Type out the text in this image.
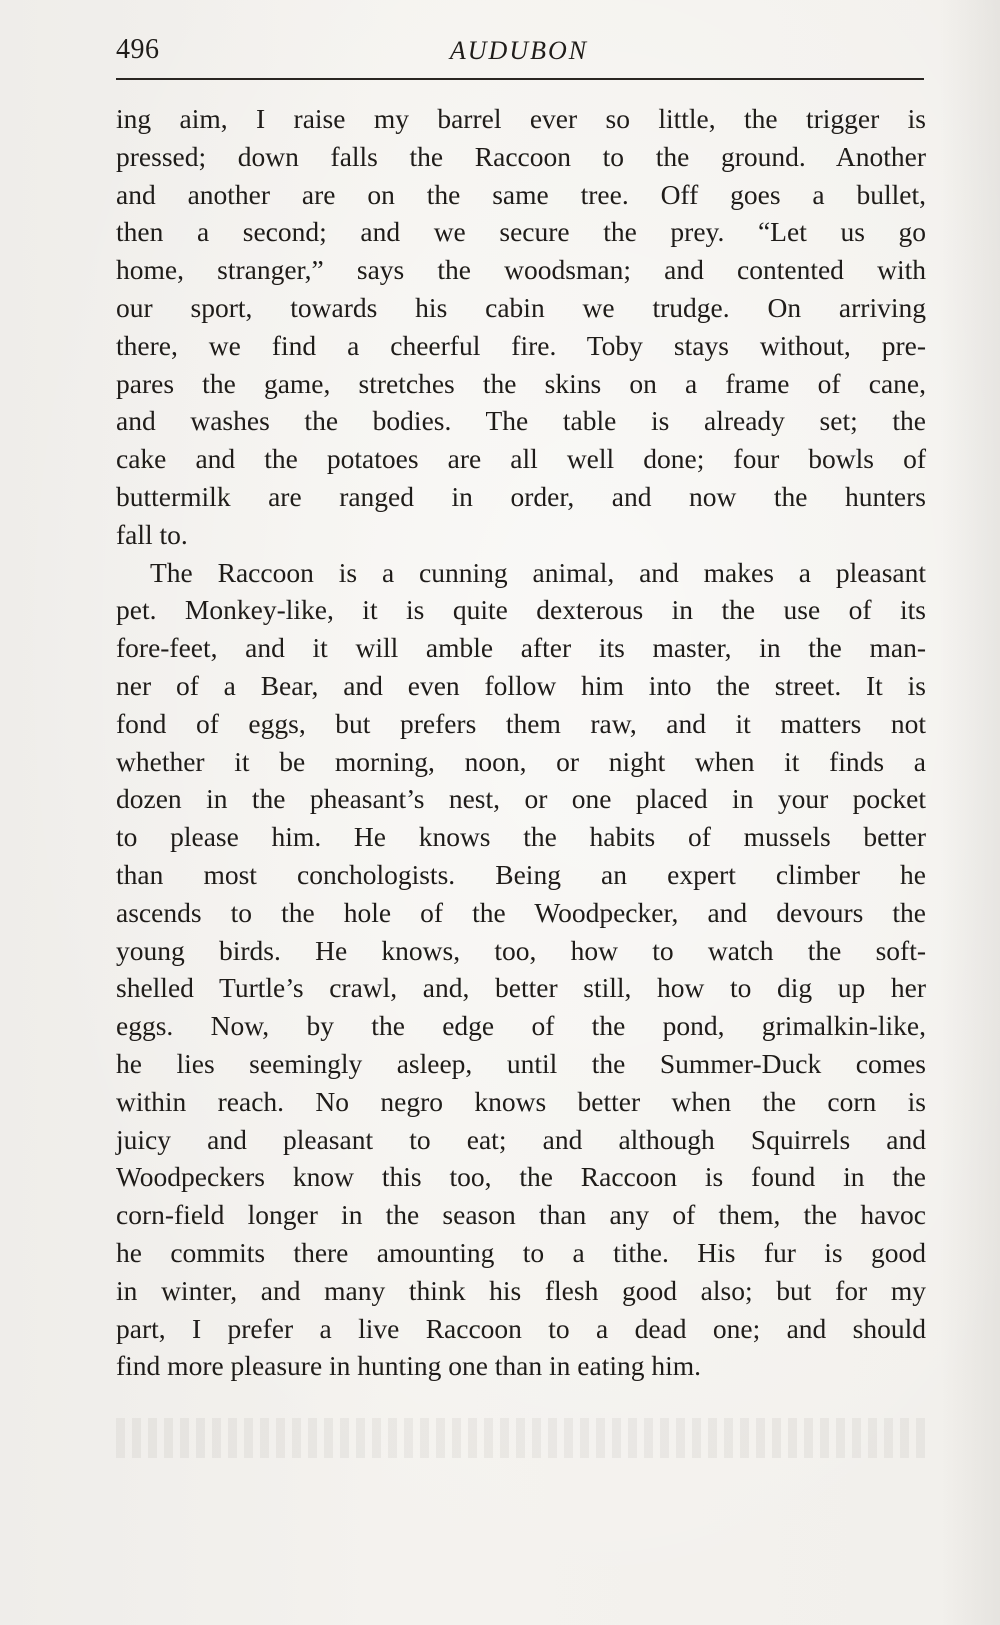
496	AUDUBON
ing aim, I raise my barrel ever so little, the trigger is
pressed; down falls the Raccoon to the ground. Another
and another are on the same tree. Off goes a bullet,
then a second; and we secure the prey. “Let us go
home, stranger,” says the woodsman; and contented with
our sport, towards his cabin we trudge. On arriving
there, we find a cheerful fire. Toby stays without, pre-
pares the game, stretches the skins on a frame of cane,
and washes the bodies. The table is already set; the
cake and the potatoes are all well done; four bowls of
buttermilk are ranged in order, and now the hunters
fall to.
The Raccoon is a cunning animal, and makes a pleasant
pet. Monkey-like, it is quite dexterous in the use of its
fore-feet, and it will amble after its master, in the man-
ner of a Bear, and even follow him into the street. It is
fond of eggs, but prefers them raw, and it matters not
whether it be morning, noon, or night when it finds a
dozen in the pheasant’s nest, or one placed in your pocket
to please him. He knows the habits of mussels better
than most conchologists. Being an expert climber he
ascends to the hole of the Woodpecker, and devours the
young birds. He knows, too, how to watch the soft-
shelled Turtle’s crawl, and, better still, how to dig up her
eggs. Now, by the edge of the pond, grimalkin-like,
he lies seemingly asleep, until the Summer-Duck comes
within reach. No negro knows better when the corn is
juicy and pleasant to eat; and although Squirrels and
Woodpeckers know this too, the Raccoon is found in the
corn-field longer in the season than any of them, the havoc
he commits there amounting to a tithe. His fur is good
in winter, and many think his flesh good also; but for my
part, I prefer a live Raccoon to a dead one; and should
find more pleasure in hunting one than in eating him.
